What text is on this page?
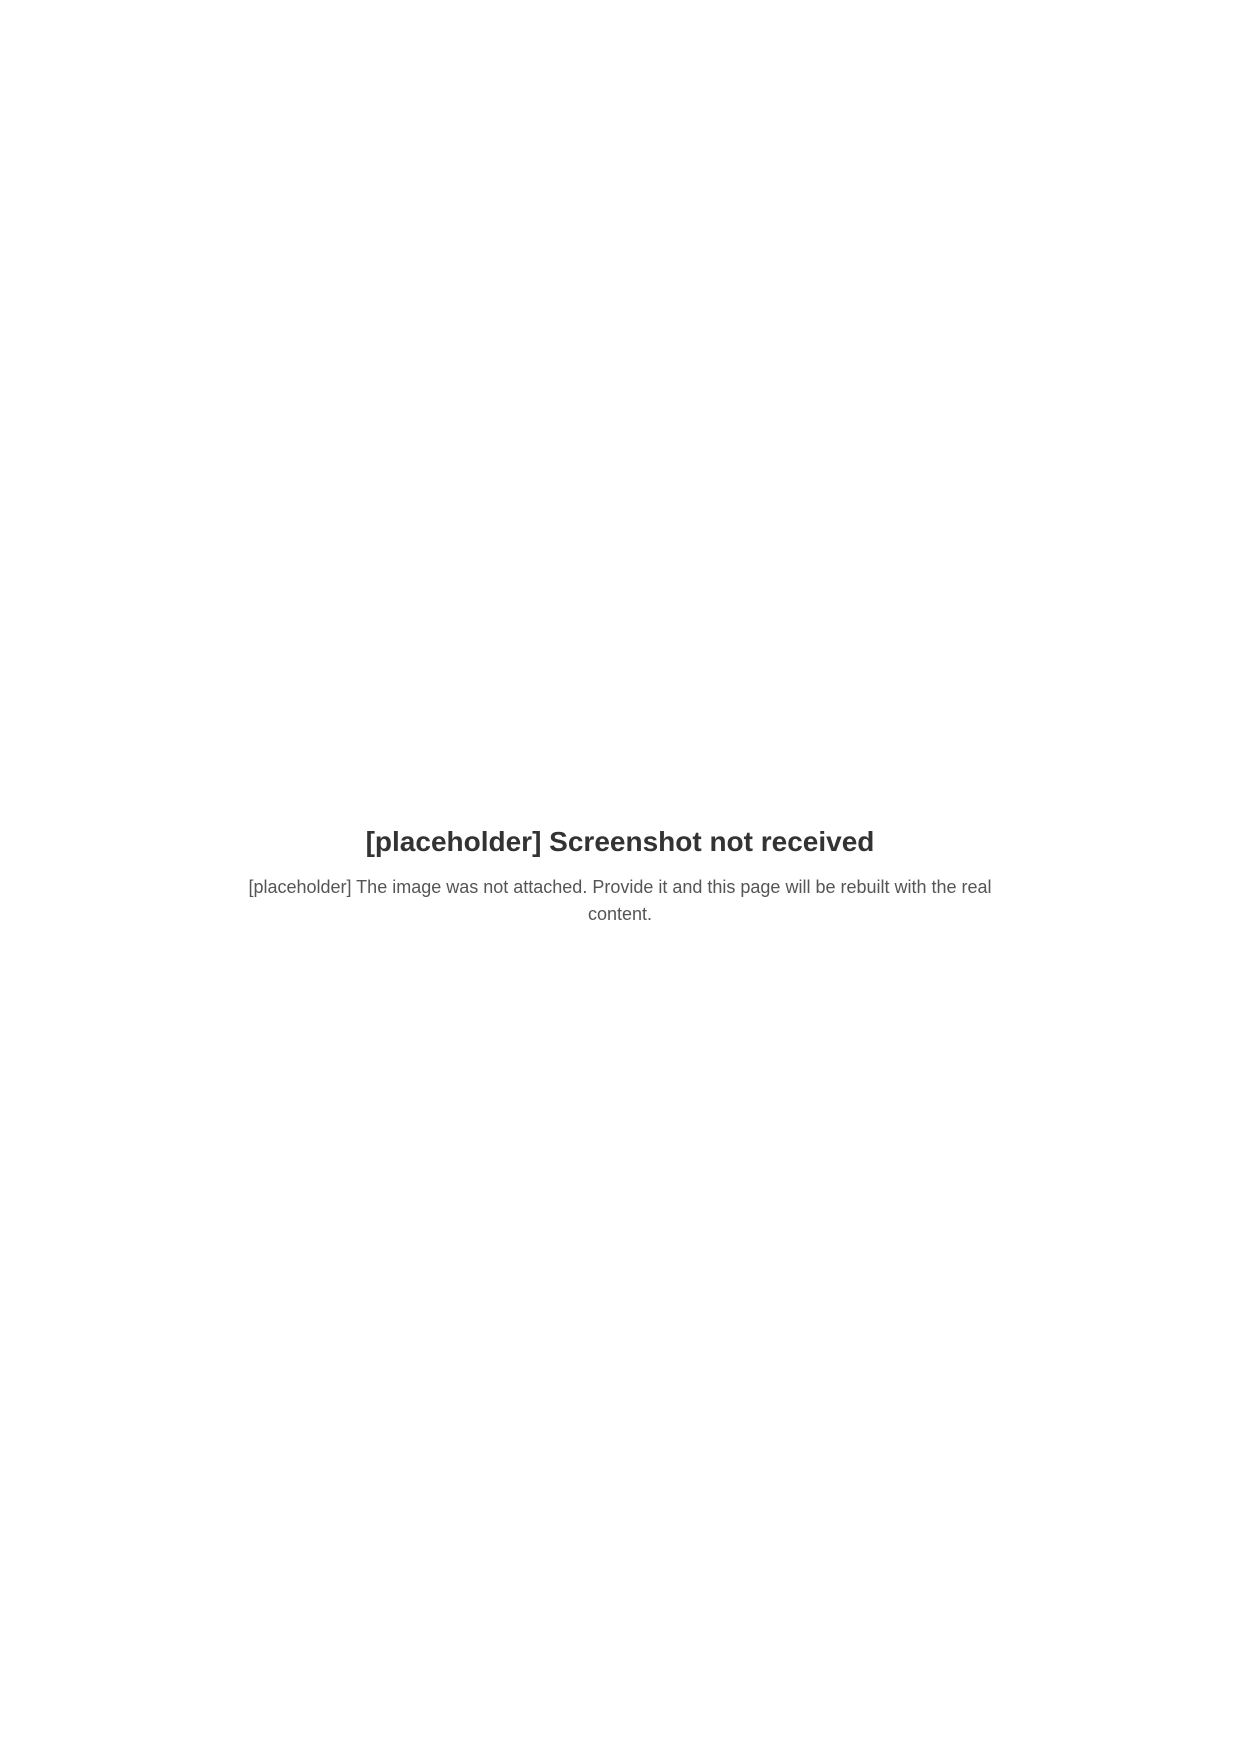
[placeholder] Screenshot not received

[placeholder] The image was not attached. Provide it and this page will be rebuilt with the real content.
